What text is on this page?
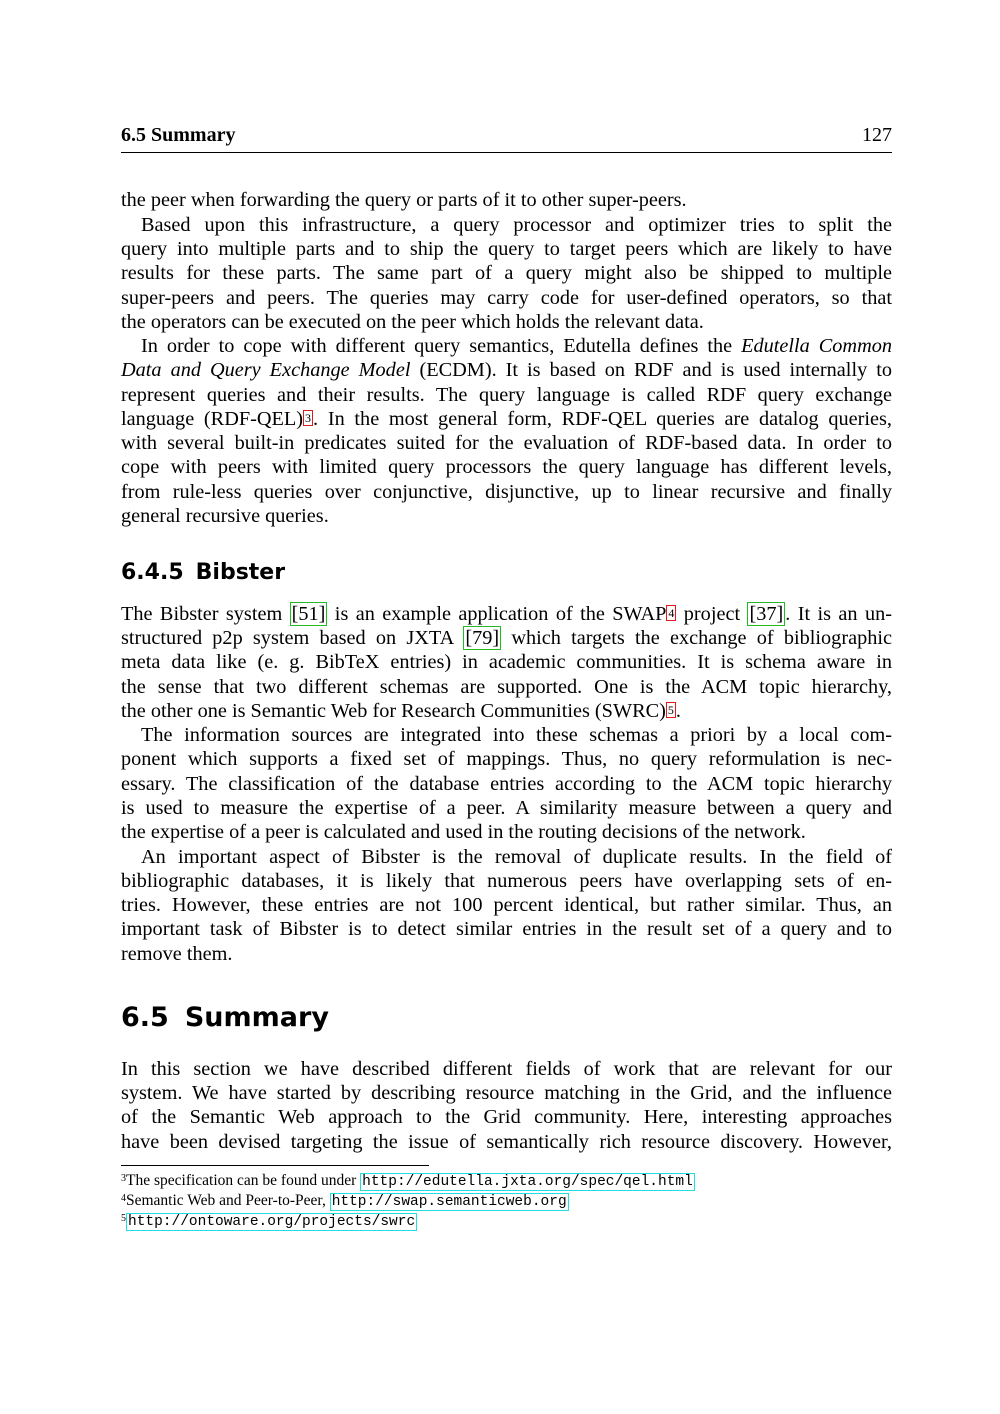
6.5 Summary	127
the peer when forwarding the query or parts of it to other super-peers.
Based upon this infrastructure, a query processor and optimizer tries to split the
query into multiple parts and to ship the query to target peers which are likely to have
results for these parts. The same part of a query might also be shipped to multiple
super-peers and peers. The queries may carry code for user-defined operators, so that
the operators can be executed on the peer which holds the relevant data.
In order to cope with different query semantics, Edutella defines the Edutella Common
Data and Query Exchange Model (ECDM). It is based on RDF and is used internally to
represent queries and their results. The query language is called RDF query exchange
language (RDF-QEL) $^3$. In the most general form, RDF-QEL queries are datalog queries,
with several built-in predicates suited for the evaluation of RDF-based data. In order to
cope with peers with limited query processors the query language has different levels,
from rule-less queries over conjunctive, disjunctive, up to linear recursive and finally
general recursive queries.
6.4.5 Bibster
The Bibster system [51] is an example application of the SWAP $^4$ project [37]. It is an un-
structured p2p system based on JXTA [79] which targets the exchange of bibliographic
meta data like (e. g. BibTeX entries) in academic communities. It is schema aware in
the sense that two different schemas are supported. One is the ACM topic hierarchy,
the other one is Semantic Web for Research Communities (SWRC) $^5$.
The information sources are integrated into these schemas a priori by a local com-
ponent which supports a fixed set of mappings. Thus, no query reformulation is nec-
essary. The classification of the database entries according to the ACM topic hierarchy
is used to measure the expertise of a peer. A similarity measure between a query and
the expertise of a peer is calculated and used in the routing decisions of the network.
An important aspect of Bibster is the removal of duplicate results. In the field of
bibliographic databases, it is likely that numerous peers have overlapping sets of en-
tries. However, these entries are not 100 percent identical, but rather similar. Thus, an
important task of Bibster is to detect similar entries in the result set of a query and to
remove them.
6.5 Summary
In this section we have described different fields of work that are relevant for our
system. We have started by describing resource matching in the Grid, and the influence
of the Semantic Web approach to the Grid community. Here, interesting approaches
have been devised targeting the issue of semantically rich resource discovery. However,
$^3$The specification can be found under http://edutella.jxta.org/spec/qel.html
$^4$Semantic Web and Peer-to-Peer, http://swap.semanticweb.org
$^5$ http://ontoware.org/projects/swrc
